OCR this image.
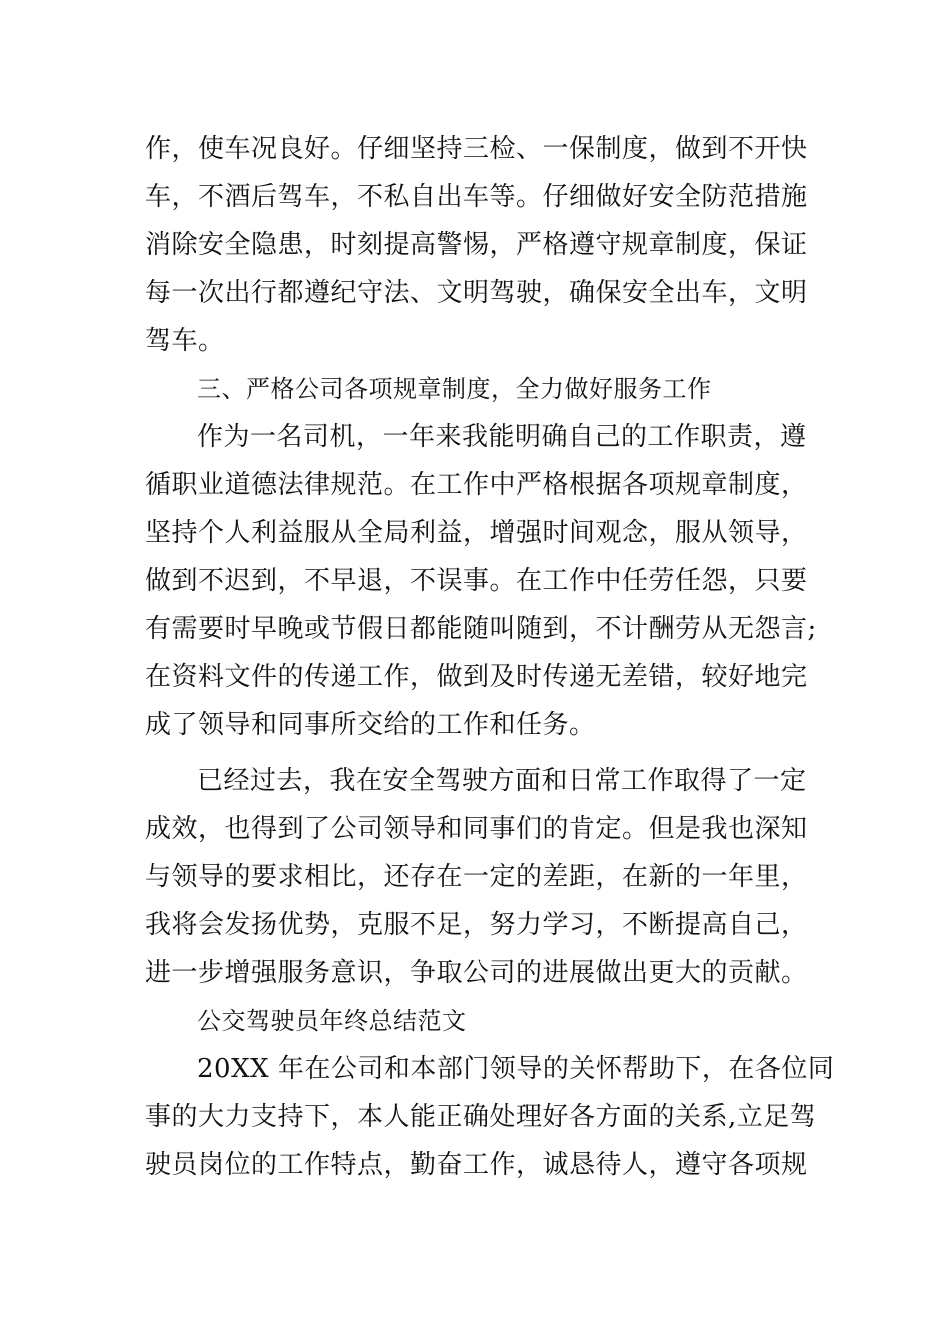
作，使车况良好。仔细坚持三检、一保制度，做到不开快
车，不酒后驾车，不私自出车等。仔细做好安全防范措施
消除安全隐患，时刻提高警惕，严格遵守规章制度，保证
每一次出行都遵纪守法、文明驾驶，确保安全出车，文明
驾车。
三、严格公司各项规章制度，全力做好服务工作
作为一名司机，一年来我能明确自己的工作职责，遵
循职业道德法律规范。在工作中严格根据各项规章制度，
坚持个人利益服从全局利益，增强时间观念，服从领导，
做到不迟到，不早退，不误事。在工作中任劳任怨，只要
有需要时早晚或节假日都能随叫随到，不计酬劳从无怨言;
在资料文件的传递工作，做到及时传递无差错，较好地完
成了领导和同事所交给的工作和任务。
已经过去，我在安全驾驶方面和日常工作取得了一定
成效，也得到了公司领导和同事们的肯定。但是我也深知
与领导的要求相比，还存在一定的差距，在新的一年里，
我将会发扬优势，克服不足，努力学习，不断提高自己，
进一步增强服务意识，争取公司的进展做出更大的贡献。
公交驾驶员年终总结范文
20XX 年在公司和本部门领导的关怀帮助下，在各位同
事的大力支持下，本人能正确处理好各方面的关系,立足驾
驶员岗位的工作特点，勤奋工作，诚恳待人，遵守各项规
